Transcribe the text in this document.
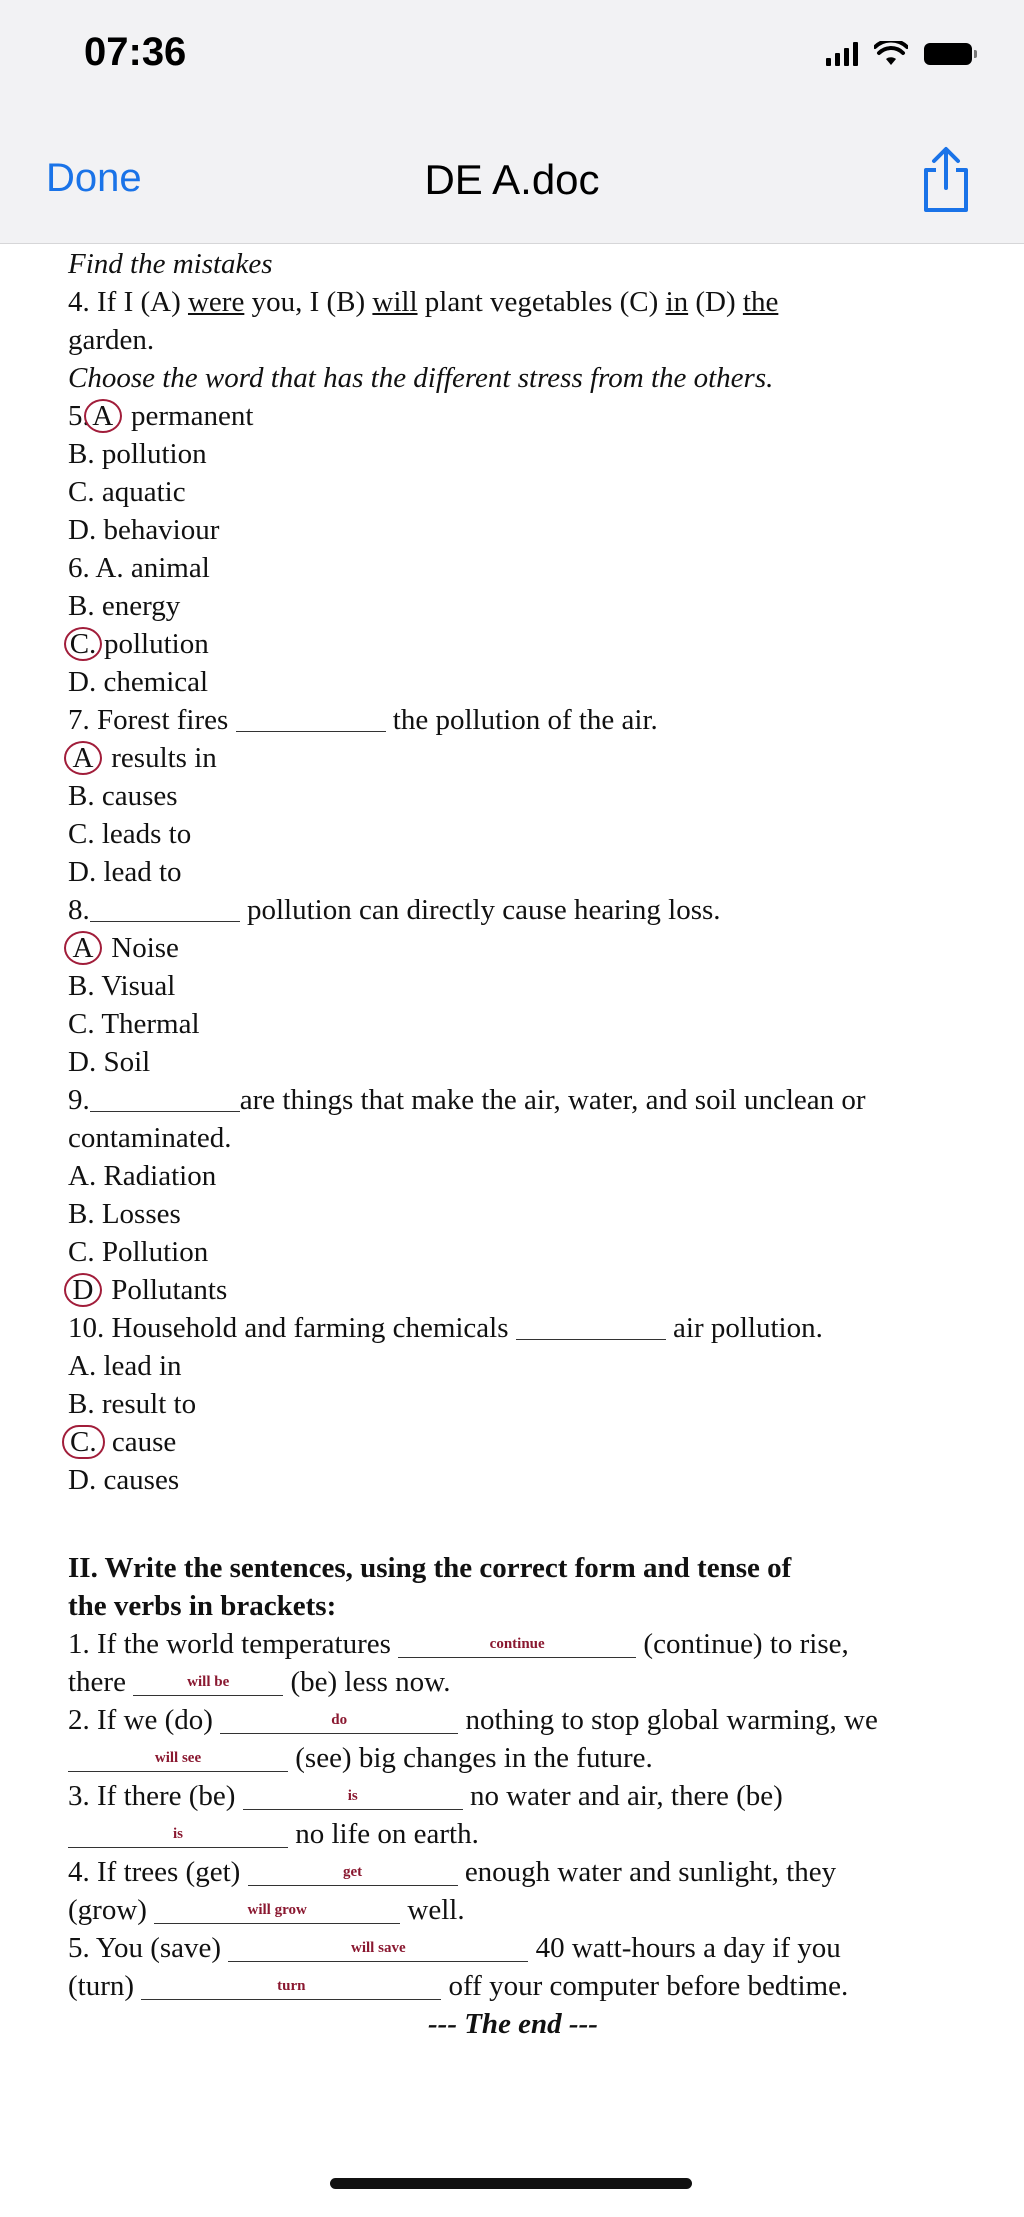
07:36
DE A.doc
Done
Find the mistakes
4. If I (A) were you, I (B) will plant vegetables (C) in (D) the
garden.
Choose the word that has the different stress from the others.
5.A permanent
B. pollution
C. aquatic
D. behaviour
6. A. animal
B. energy
C. pollution
D. chemical
7. Forest fires	the pollution of the air.
A results in
B. causes
C. leads to
D. lead to
8.	pollution can directly cause hearing loss.
A Noise
B. Visual
C. Thermal
D. Soil
9.	are things that make the air, water, and soil unclean or
contaminated.
A. Radiation
B. Losses
C. Pollution
D Pollutants
10. Household and farming chemicals	air pollution.
A. lead in
B. result to
C. cause
D. causes
II. Write the sentences, using the correct form and tense of
the verbs in brackets:
1. If the world temperatures	$^{continue}$	(continue) to rise,
there	$^{will be}$ (be) less now.
2. If we (do)	$^{do}$	nothing to stop global warming, we
$^{will see}$	(see) big changes in the future.
3. If there (be)	$^{is}$	no water and air, there (be)
$^{is}$	no life on earth.
4. If trees (get)	$^{get}$	enough water and sunlight, they
(grow)	$^{will grow}$	well.
5. You (save)	$^{will save}$	40 watt-hours a day if you
(turn)	$^{turn}$	off your computer before bedtime.
--- The end ---
